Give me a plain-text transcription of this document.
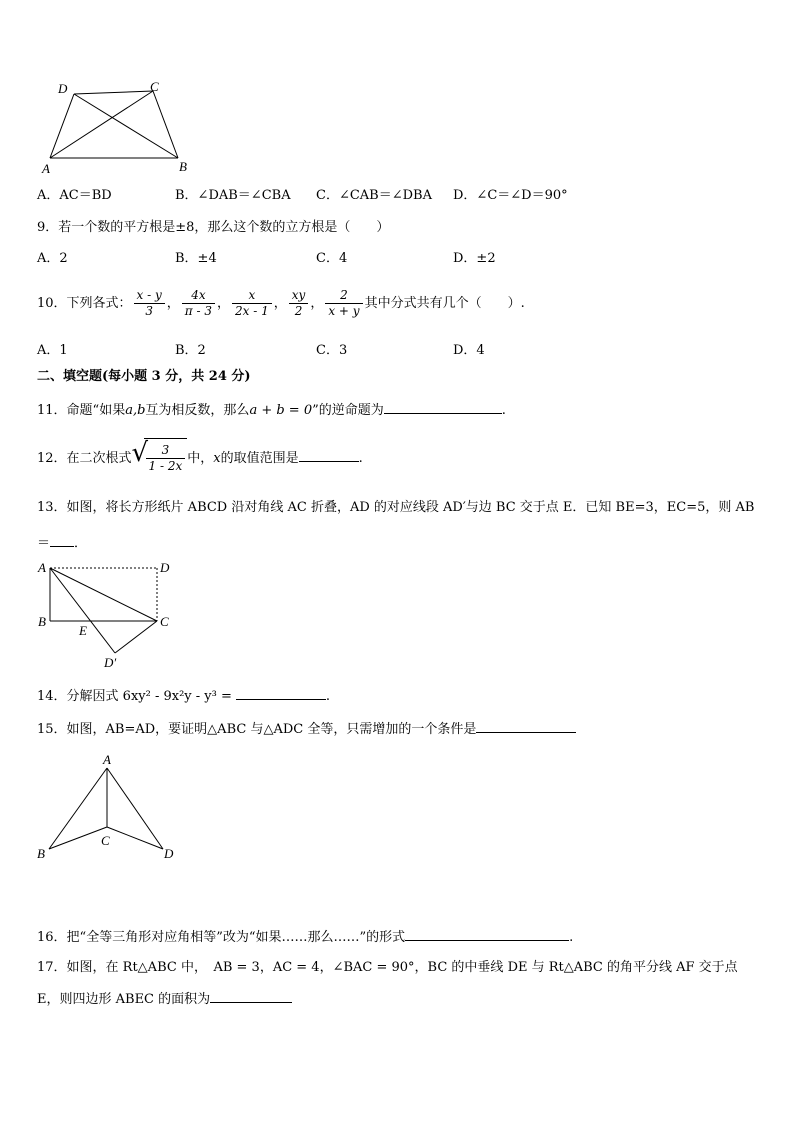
D	C
A	B
A．AC＝BD	B．∠DAB＝∠CBA C．∠CAB＝∠DBA D．∠C＝∠D＝90°
9．若一个数的平方根是±8，那么这个数的立方根是（　　）
A．2	B．±4	C．4	D．±2
10．下列各式： $\frac{x - y}{3}$ ， $\frac{4x}{\pi - 3}$ ， $\frac{x}{2x - 1}$ ， $\frac{xy}{2}$ ， $\frac{2}{x + y}$ 其中分式共有几个（　　）.
A．1	B．2	C．3	D．4
二、填空题(每小题 3 分，共 24 分)
11．命题“如果a,b互为相反数，那么a + b = 0”的逆命题为	.
12．在二次根式 √
$\frac{3}{1 - 2x}$ 中，x的取值范围是	.
13．如图，将长方形纸片 ABCD 沿对角线 AC 折叠，AD 的对应线段 AD′与边 BC 交于点 E．已知 BE=3，EC=5，则 AB
＝ ．
A	D
B	C
E
D′
14．分解因式 6xy² - 9x²y - y³ =	.
15．如图，AB=AD，要证明△ABC 与△ADC 全等，只需增加的一个条件是
A
C
B	D
16．把“全等三角形对应角相等”改为“如果……那么……”的形式	.
17．如图，在 Rt△ABC 中，　AB = 3，AC = 4，∠BAC = 90°，BC 的中垂线 DE 与 Rt△ABC 的角平分线 AF 交于点
E，则四边形 ABEC 的面积为
